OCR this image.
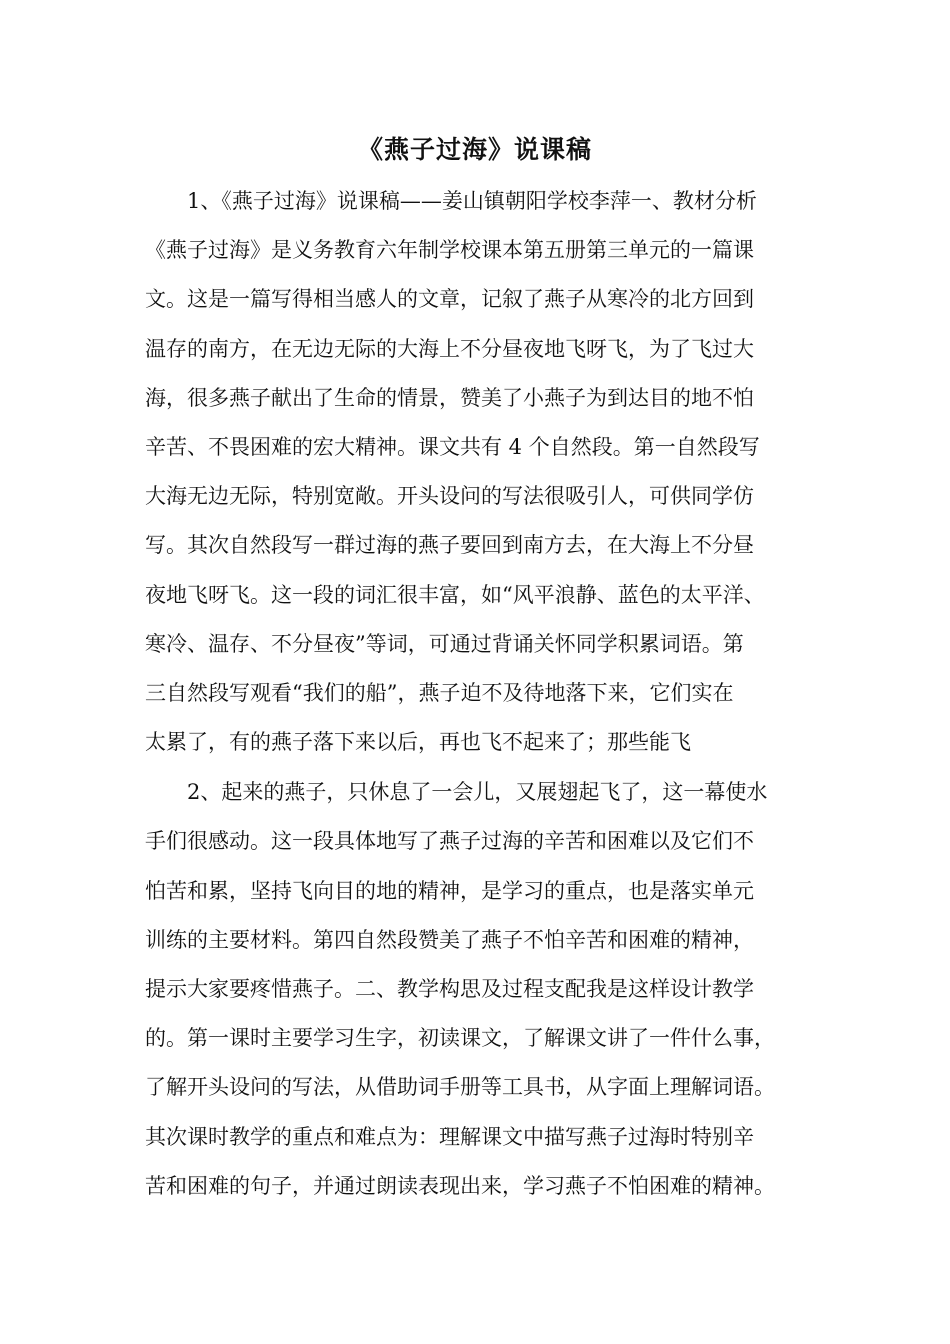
《燕子过海》说课稿
1、《燕子过海》说课稿——姜山镇朝阳学校李萍一、教材分析
《燕子过海》是义务教育六年制学校课本第五册第三单元的一篇课
文。这是一篇写得相当感人的文章，记叙了燕子从寒冷的北方回到
温存的南方，在无边无际的大海上不分昼夜地飞呀飞，为了飞过大
海，很多燕子献出了生命的情景，赞美了小燕子为到达目的地不怕
辛苦、不畏困难的宏大精神。课文共有 4 个自然段。第一自然段写
大海无边无际，特别宽敞。开头设问的写法很吸引人，可供同学仿
写。其次自然段写一群过海的燕子要回到南方去，在大海上不分昼
夜地飞呀飞。这一段的词汇很丰富，如“风平浪静、蓝色的太平洋、
寒冷、温存、不分昼夜”等词，可通过背诵关怀同学积累词语。第
三自然段写观看“我们的船”，燕子迫不及待地落下来，它们实在
太累了，有的燕子落下来以后，再也飞不起来了；那些能飞
2、起来的燕子，只休息了一会儿，又展翅起飞了，这一幕使水
手们很感动。这一段具体地写了燕子过海的辛苦和困难以及它们不
怕苦和累，坚持飞向目的地的精神，是学习的重点，也是落实单元
训练的主要材料。第四自然段赞美了燕子不怕辛苦和困难的精神，
提示大家要疼惜燕子。二、教学构思及过程支配我是这样设计教学
的。第一课时主要学习生字，初读课文，了解课文讲了一件什么事，
了解开头设问的写法，从借助词手册等工具书，从字面上理解词语。
其次课时教学的重点和难点为：理解课文中描写燕子过海时特别辛
苦和困难的句子，并通过朗读表现出来，学习燕子不怕困难的精神。
